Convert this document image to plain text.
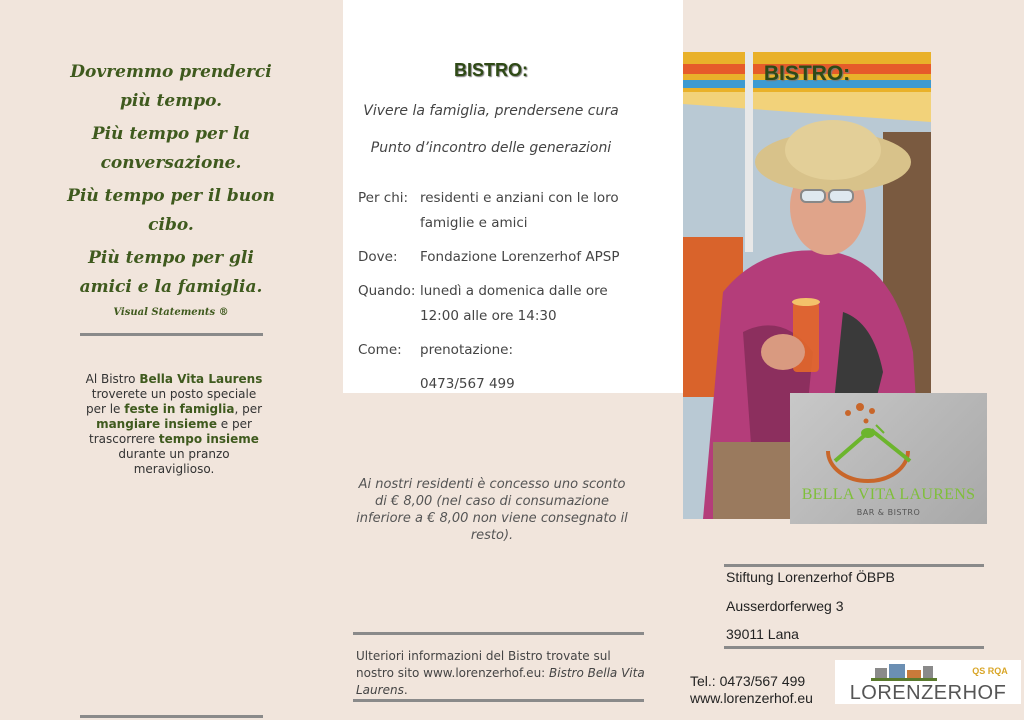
Dovremmo prenderci più tempo.

Più tempo per la conversazione.

Più tempo per il buon cibo.

Più tempo per gli amici e la famiglia.

Visual Statements ®
Al Bistro Bella Vita Laurens troverete un posto speciale per le feste in famiglia, per mangiare insieme e per trascorrere tempo insieme durante un pranzo meraviglioso.
BISTRO:
Vivere la famiglia, prendersene cura
Punto d’incontro delle generazioni
Per chi: residenti e anziani con le loro famiglie e amici
Dove:	Fondazione Lorenzerhof APSP
Quando: lunedì a domenica dalle ore 12:00 alle ore 14:30
Come:	prenotazione:
0473/567 499
Ai nostri residenti è concesso uno sconto di € 8,00 (nel caso di consumazione inferiore a € 8,00 non viene consegnato il resto).
Ulteriori informazioni del Bistro trovate sul nostro sito www.lorenzerhof.eu: Bistro Bella Vita Laurens.
BISTRO:
BELLA VITA LAURENS
BAR & BISTRO
Stiftung Lorenzerhof ÖBPB
Ausserdorferweg 3
39011 Lana
Tel.: 0473/567 499
www.lorenzerhof.eu
QS RQA
LORENZERHOF
